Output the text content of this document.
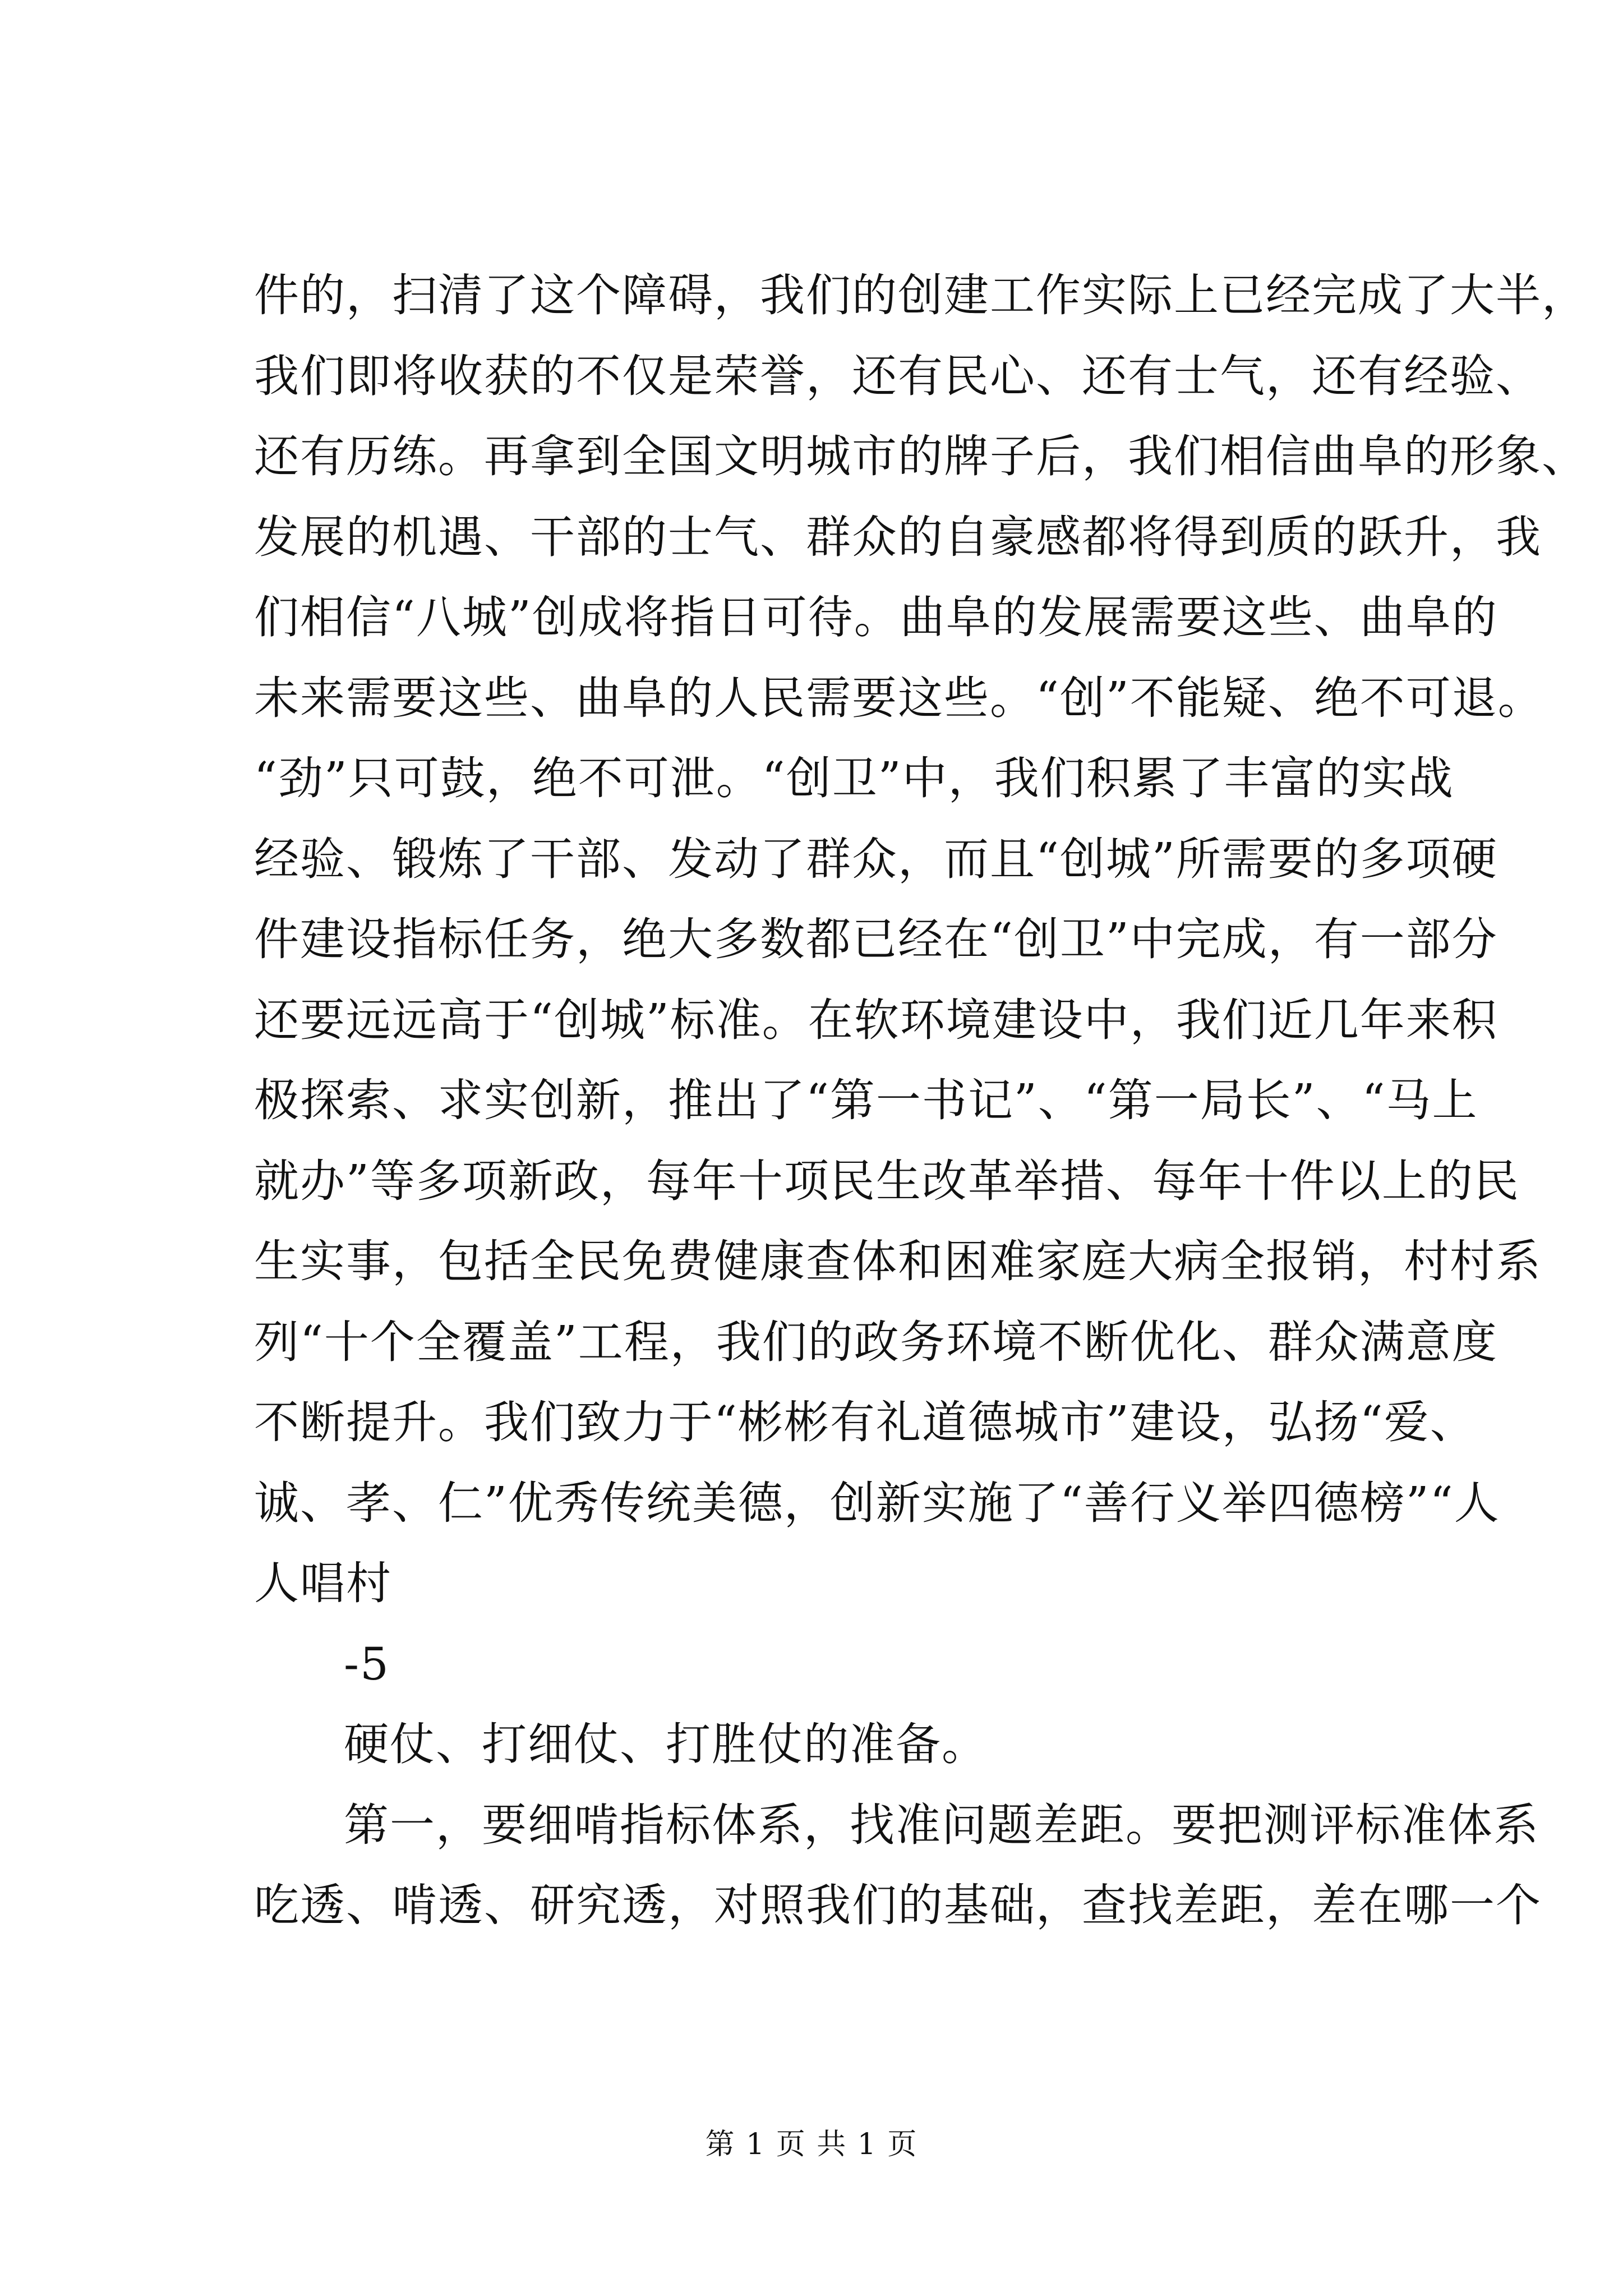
件的，扫清了这个障碍，我们的创建工作实际上已经完成了大半，
我们即将收获的不仅是荣誉，还有民心、还有士气，还有经验、
还有历练。再拿到全国文明城市的牌子后，我们相信曲阜的形象、
发展的机遇、干部的士气、群众的自豪感都将得到质的跃升，我
们相信“八城”创成将指日可待。曲阜的发展需要这些、曲阜的
未来需要这些、曲阜的人民需要这些。“创”不能疑、绝不可退。
“劲”只可鼓，绝不可泄。“创卫”中，我们积累了丰富的实战
经验、锻炼了干部、发动了群众，而且“创城”所需要的多项硬
件建设指标任务，绝大多数都已经在“创卫”中完成，有一部分
还要远远高于“创城”标准。在软环境建设中，我们近几年来积
极探索、求实创新，推出了“第一书记”、“第一局长”、“马上
就办”等多项新政，每年十项民生改革举措、每年十件以上的民
生实事，包括全民免费健康查体和困难家庭大病全报销，村村系
列“十个全覆盖”工程，我们的政务环境不断优化、群众满意度
不断提升。我们致力于“彬彬有礼道德城市”建设，弘扬“爱、
诚、孝、仁”优秀传统美德，创新实施了“善行义举四德榜”“人
人唱村
-5
硬仗、打细仗、打胜仗的准备。
第一，要细啃指标体系，找准问题差距。要把测评标准体系
吃透、啃透、研究透，对照我们的基础，查找差距，差在哪一个
第 1 页 共 1 页
